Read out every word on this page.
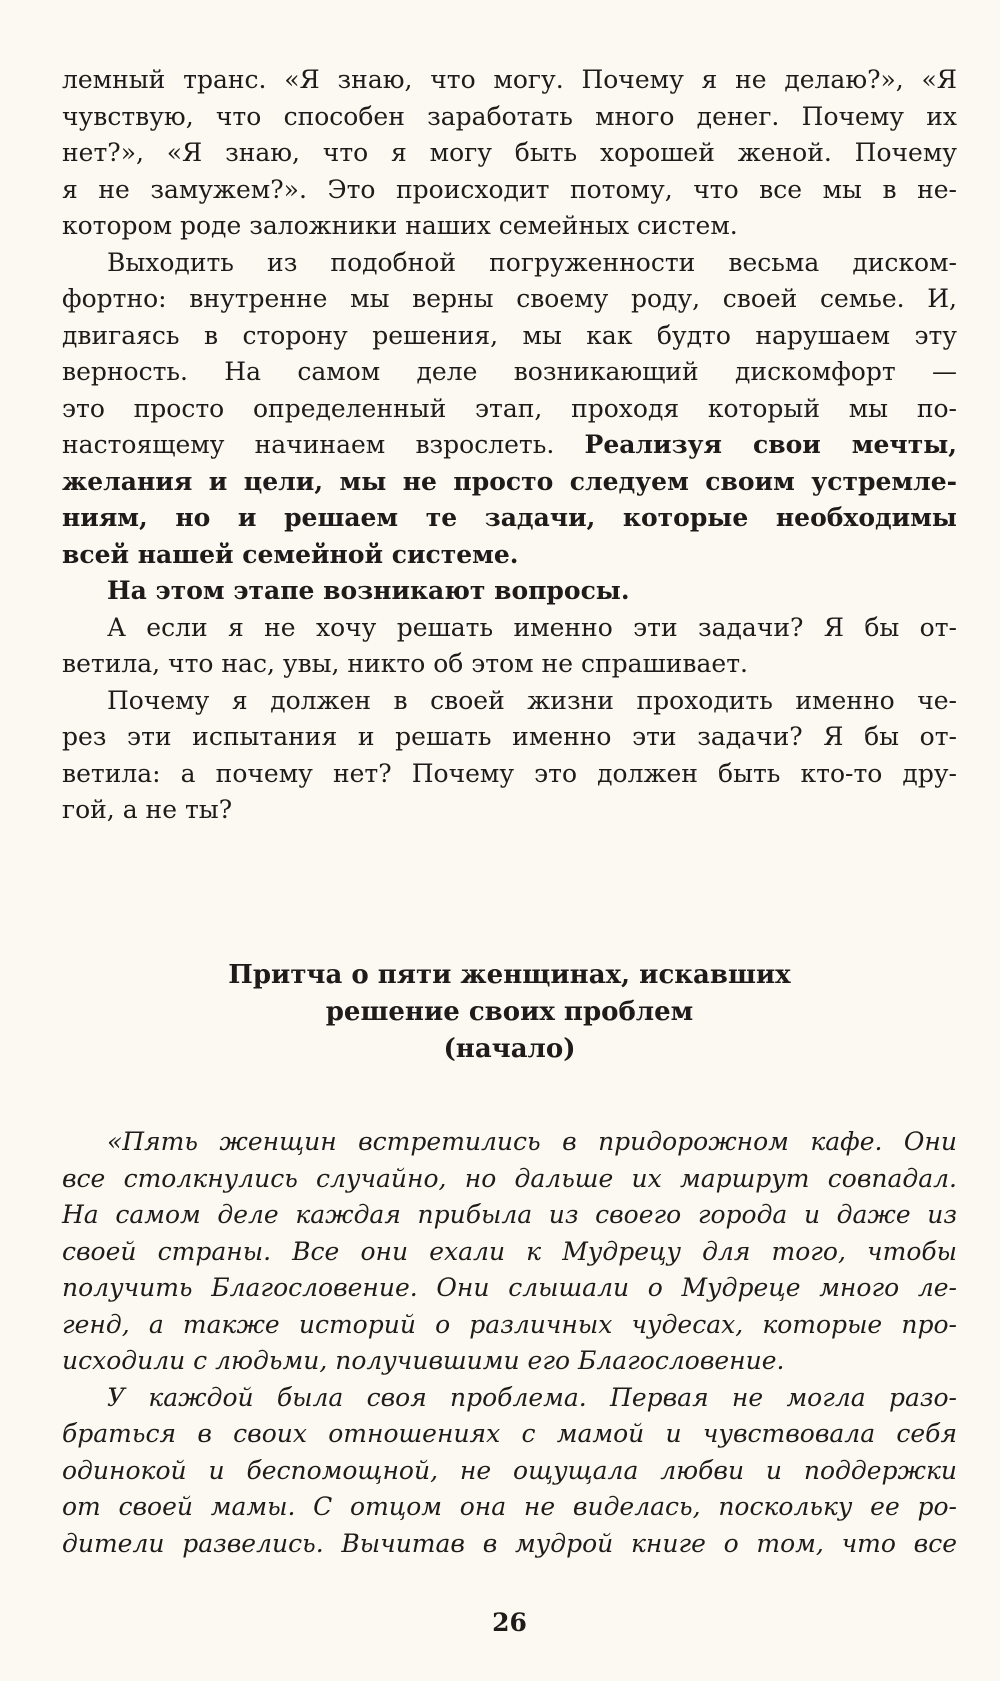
лемный транс. «Я знаю, что могу. Почему я не делаю?», «Я
чувствую, что способен заработать много денег. Почему их
нет?», «Я знаю, что я могу быть хорошей женой. Почему
я не замужем?». Это происходит потому, что все мы в не-
котором роде заложники наших семейных систем.
Выходить из подобной погруженности весьма диском-
фортно: внутренне мы верны своему роду, своей семье. И,
двигаясь в сторону решения, мы как будто нарушаем эту
верность. На самом деле возникающий дискомфорт —
это просто определенный этап, проходя который мы по-
настоящему начинаем взрослеть. Реализуя свои мечты,
желания и цели, мы не просто следуем своим устремле-
ниям, но и решаем те задачи, которые необходимы
всей нашей семейной системе.
На этом этапе возникают вопросы.
А если я не хочу решать именно эти задачи? Я бы от-
ветила, что нас, увы, никто об этом не спрашивает.
Почему я должен в своей жизни проходить именно че-
рез эти испытания и решать именно эти задачи? Я бы от-
ветила: а почему нет? Почему это должен быть кто-то дру-
гой, а не ты?
Притча о пяти женщинах, искавших
решение своих проблем
(начало)
«Пять женщин встретились в придорожном кафе. Они
все столкнулись случайно, но дальше их маршрут совпадал.
На самом деле каждая прибыла из своего города и даже из
своей страны. Все они ехали к Мудрецу для того, чтобы
получить Благословение. Они слышали о Мудреце много ле-
генд, а также историй о различных чудесах, которые про-
исходили с людьми, получившими его Благословение.
У каждой была своя проблема. Первая не могла разо-
браться в своих отношениях с мамой и чувствовала себя
одинокой и беспомощной, не ощущала любви и поддержки
от своей мамы. С отцом она не виделась, поскольку ее ро-
дители развелись. Вычитав в мудрой книге о том, что все
26
